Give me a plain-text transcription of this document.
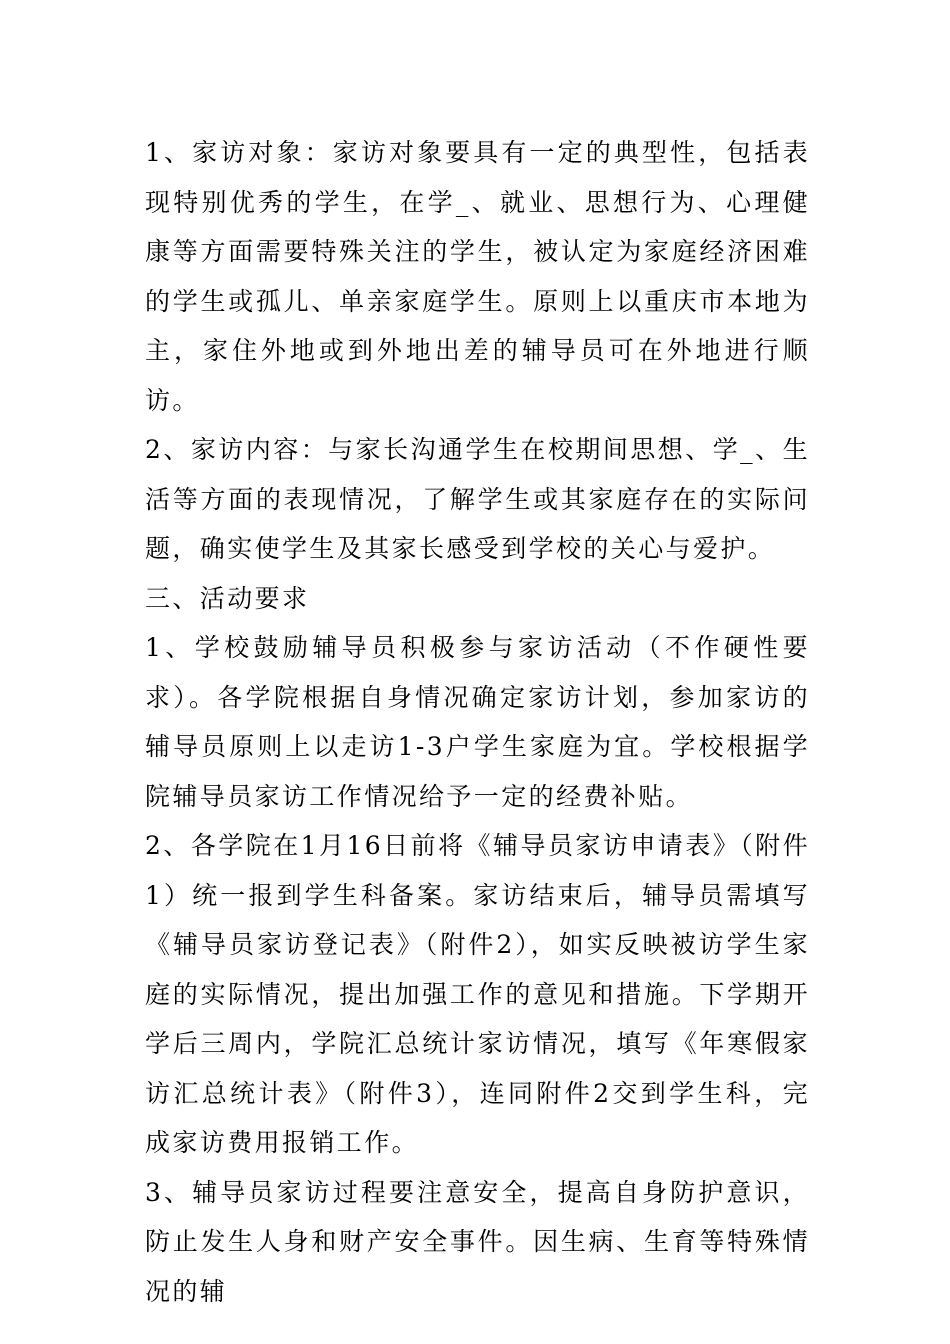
1、家访对象：家访对象要具有一定的典型性，包括表现特别优秀的学生，在学_、就业、思想行为、心理健康等方面需要特殊关注的学生，被认定为家庭经济困难的学生或孤儿、单亲家庭学生。原则上以重庆市本地为主，家住外地或到外地出差的辅导员可在外地进行顺访。

2、家访内容：与家长沟通学生在校期间思想、学_、生活等方面的表现情况，了解学生或其家庭存在的实际问题，确实使学生及其家长感受到学校的关心与爱护。

三、活动要求

1、学校鼓励辅导员积极参与家访活动（不作硬性要求）。各学院根据自身情况确定家访计划，参加家访的辅导员原则上以走访1-3户学生家庭为宜。学校根据学院辅导员家访工作情况给予一定的经费补贴。

2、各学院在1月16日前将《辅导员家访申请表》（附件1）统一报到学生科备案。家访结束后，辅导员需填写《辅导员家访登记表》（附件2），如实反映被访学生家庭的实际情况，提出加强工作的意见和措施。下学期开学后三周内，学院汇总统计家访情况，填写《年寒假家访汇总统计表》（附件3），连同附件2交到学生科，完成家访费用报销工作。

3、辅导员家访过程要注意安全，提高自身防护意识，防止发生人身和财产安全事件。因生病、生育等特殊情况的辅
